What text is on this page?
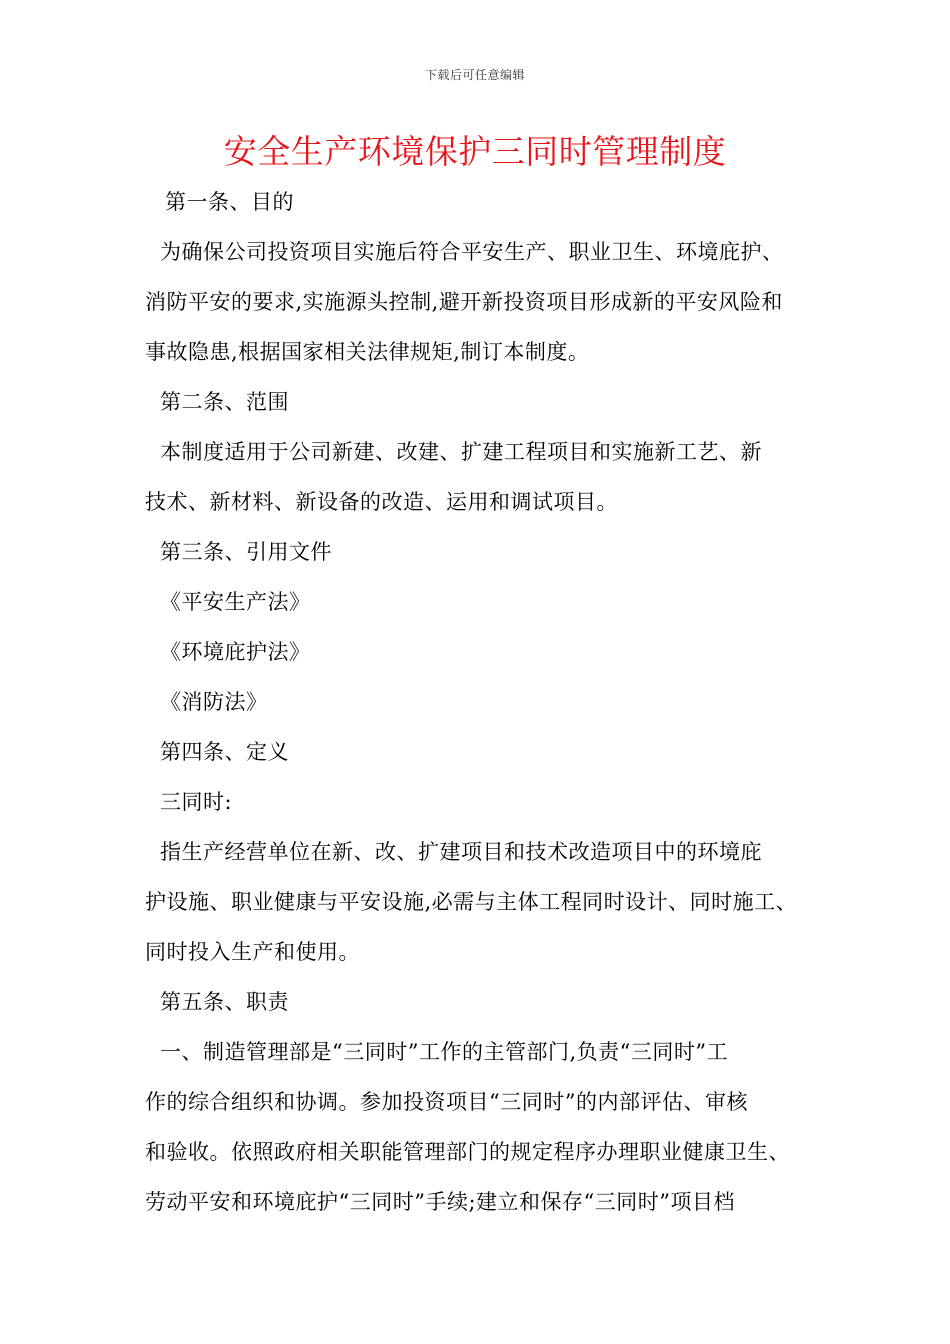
下载后可任意编辑
安全生产环境保护三同时管理制度
第一条、目的
为确保公司投资项目实施后符合平安生产、职业卫生、环境庇护、
消防平安的要求,实施源头控制,避开新投资项目形成新的平安风险和
事故隐患,根据国家相关法律规矩,制订本制度。
第二条、范围
本制度适用于公司新建、改建、扩建工程项目和实施新工艺、新
技术、新材料、新设备的改造、运用和调试项目。
第三条、引用文件
《平安生产法》
《环境庇护法》
《消防法》
第四条、定义
三同时:
指生产经营单位在新、改、扩建项目和技术改造项目中的环境庇
护设施、职业健康与平安设施,必需与主体工程同时设计、同时施工、
同时投入生产和使用。
第五条、职责
一、制造管理部是“三同时”工作的主管部门,负责“三同时”工
作的综合组织和协调。参加投资项目“三同时”的内部评估、审核
和验收。依照政府相关职能管理部门的规定程序办理职业健康卫生、
劳动平安和环境庇护“三同时”手续;建立和保存“三同时”项目档
